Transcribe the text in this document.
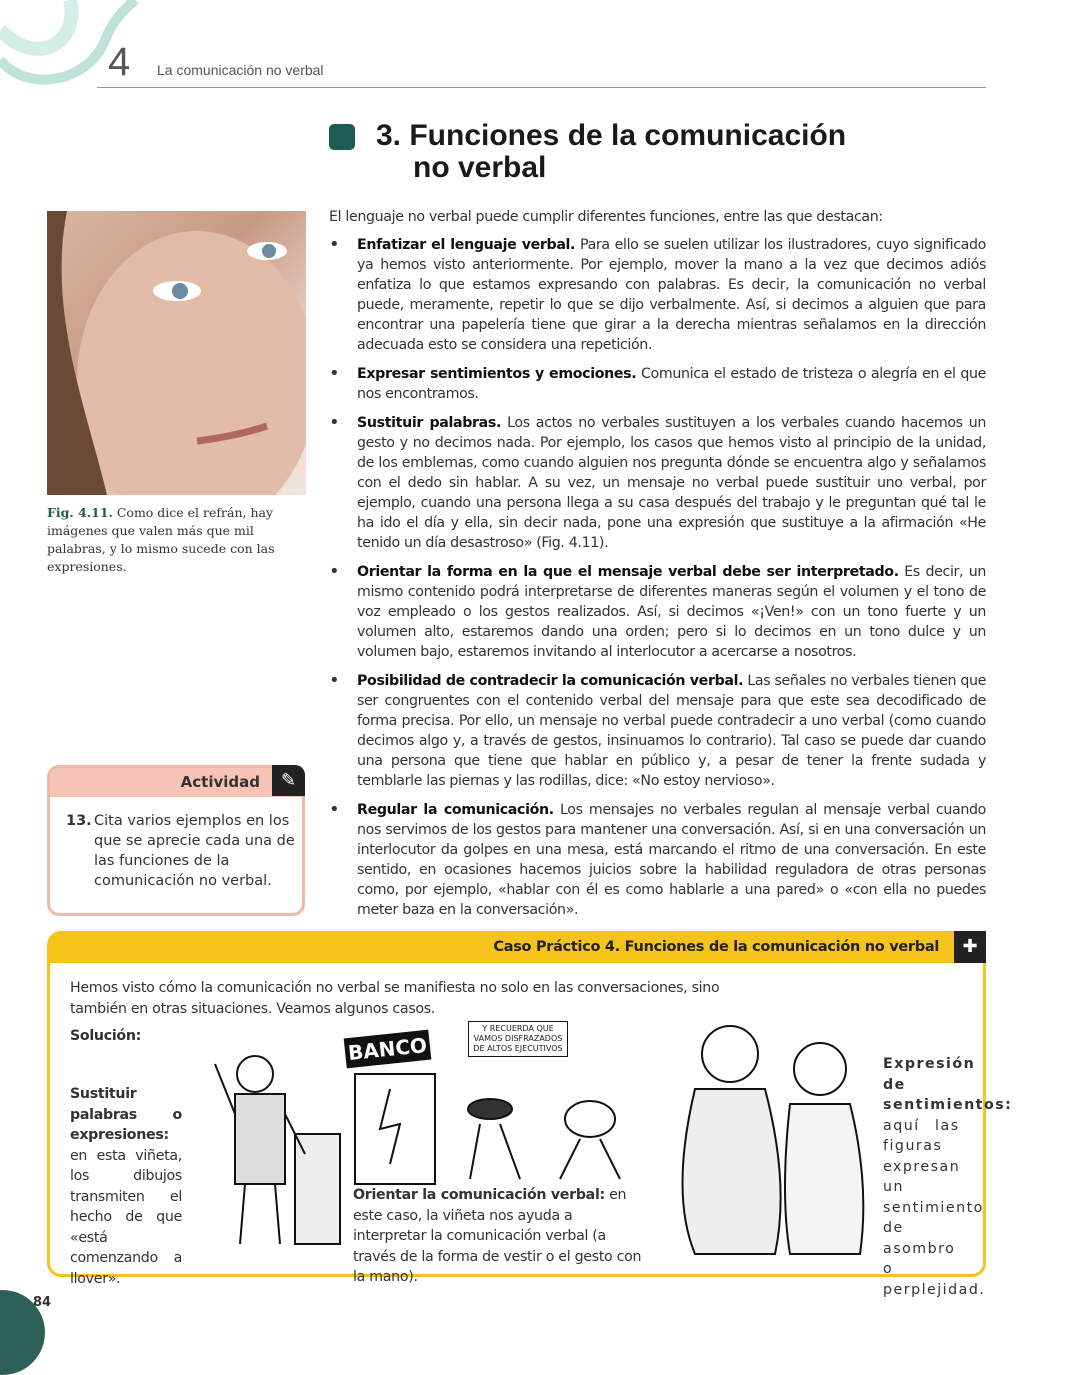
4 La comunicación no verbal
3. Funciones de la comunicación
no verbal

Fig. 4.11. Como dice el refrán, hay imágenes que valen más que mil palabras, y lo mismo sucede con las expresiones.

El lenguaje no verbal puede cumplir diferentes funciones, entre las que destacan:

• Enfatizar el lenguaje verbal. Para ello se suelen utilizar los ilustradores, cuyo significado ya hemos visto anteriormente. Por ejemplo, mover la mano a la vez que decimos adiós enfatiza lo que estamos expresando con palabras. Es decir, la comunicación no verbal puede, meramente, repetir lo que se dijo verbalmente. Así, si decimos a alguien que para encontrar una papelería tiene que girar a la derecha mientras señalamos en la dirección adecuada esto se considera una repetición.
• Expresar sentimientos y emociones. Comunica el estado de tristeza o alegría en el que nos encontramos.
• Sustituir palabras. Los actos no verbales sustituyen a los verbales cuando hacemos un gesto y no decimos nada. Por ejemplo, los casos que hemos visto al principio de la unidad, de los emblemas, como cuando alguien nos pregunta dónde se encuentra algo y señalamos con el dedo sin hablar. A su vez, un mensaje no verbal puede sustituir uno verbal, por ejemplo, cuando una persona llega a su casa después del trabajo y le preguntan qué tal le ha ido el día y ella, sin decir nada, pone una expresión que sustituye a la afirmación «He tenido un día desastroso» (Fig. 4.11).
• Orientar la forma en la que el mensaje verbal debe ser interpretado. Es decir, un mismo contenido podrá interpretarse de diferentes maneras según el volumen y el tono de voz empleado o los gestos realizados. Así, si decimos «¡Ven!» con un tono fuerte y un volumen alto, estaremos dando una orden; pero si lo decimos en un tono dulce y un volumen bajo, estaremos invitando al interlocutor a acercarse a nosotros.
• Posibilidad de contradecir la comunicación verbal. Las señales no verbales tienen que ser congruentes con el contenido verbal del mensaje para que este sea decodificado de forma precisa. Por ello, un mensaje no verbal puede contradecir a uno verbal (como cuando decimos algo y, a través de gestos, insinuamos lo contrario). Tal caso se puede dar cuando una persona que tiene que hablar en público y, a pesar de tener la frente sudada y temblarle las piernas y las rodillas, dice: «No estoy nervioso».
• Regular la comunicación. Los mensajes no verbales regulan al mensaje verbal cuando nos servimos de los gestos para mantener una conversación. Así, si en una conversación un interlocutor da golpes en una mesa, está marcando el ritmo de una conversación. En este sentido, en ocasiones hacemos juicios sobre la habilidad reguladora de otras personas como, por ejemplo, «hablar con él es como hablarle a una pared» o «con ella no puedes meter baza en la conversación».
Actividad	✎
13. Cita varios ejemplos en los que se aprecie cada una de las funciones de la comunicación no verbal.
Caso Práctico 4. Funciones de la comunicación no verbal	✚

Hemos visto cómo la comunicación no verbal se manifiesta no solo en las conversaciones, sino también en otras situaciones. Veamos algunos casos.

Solución:

Sustituir palabras o expresiones: en esta viñeta, los dibujos transmiten el hecho de que «está comenzando a llover».

Orientar la comunicación verbal: en este caso, la viñeta nos ayuda a interpretar la comunicación verbal (a través de la forma de vestir o el gesto con la mano).

Expresión de sentimientos: aquí las figuras expresan un sentimiento de asombro o perplejidad.

BANCO
Y RECUERDA QUE VAMOS DISFRAZADOS DE ALTOS EJECUTIVOS
84
